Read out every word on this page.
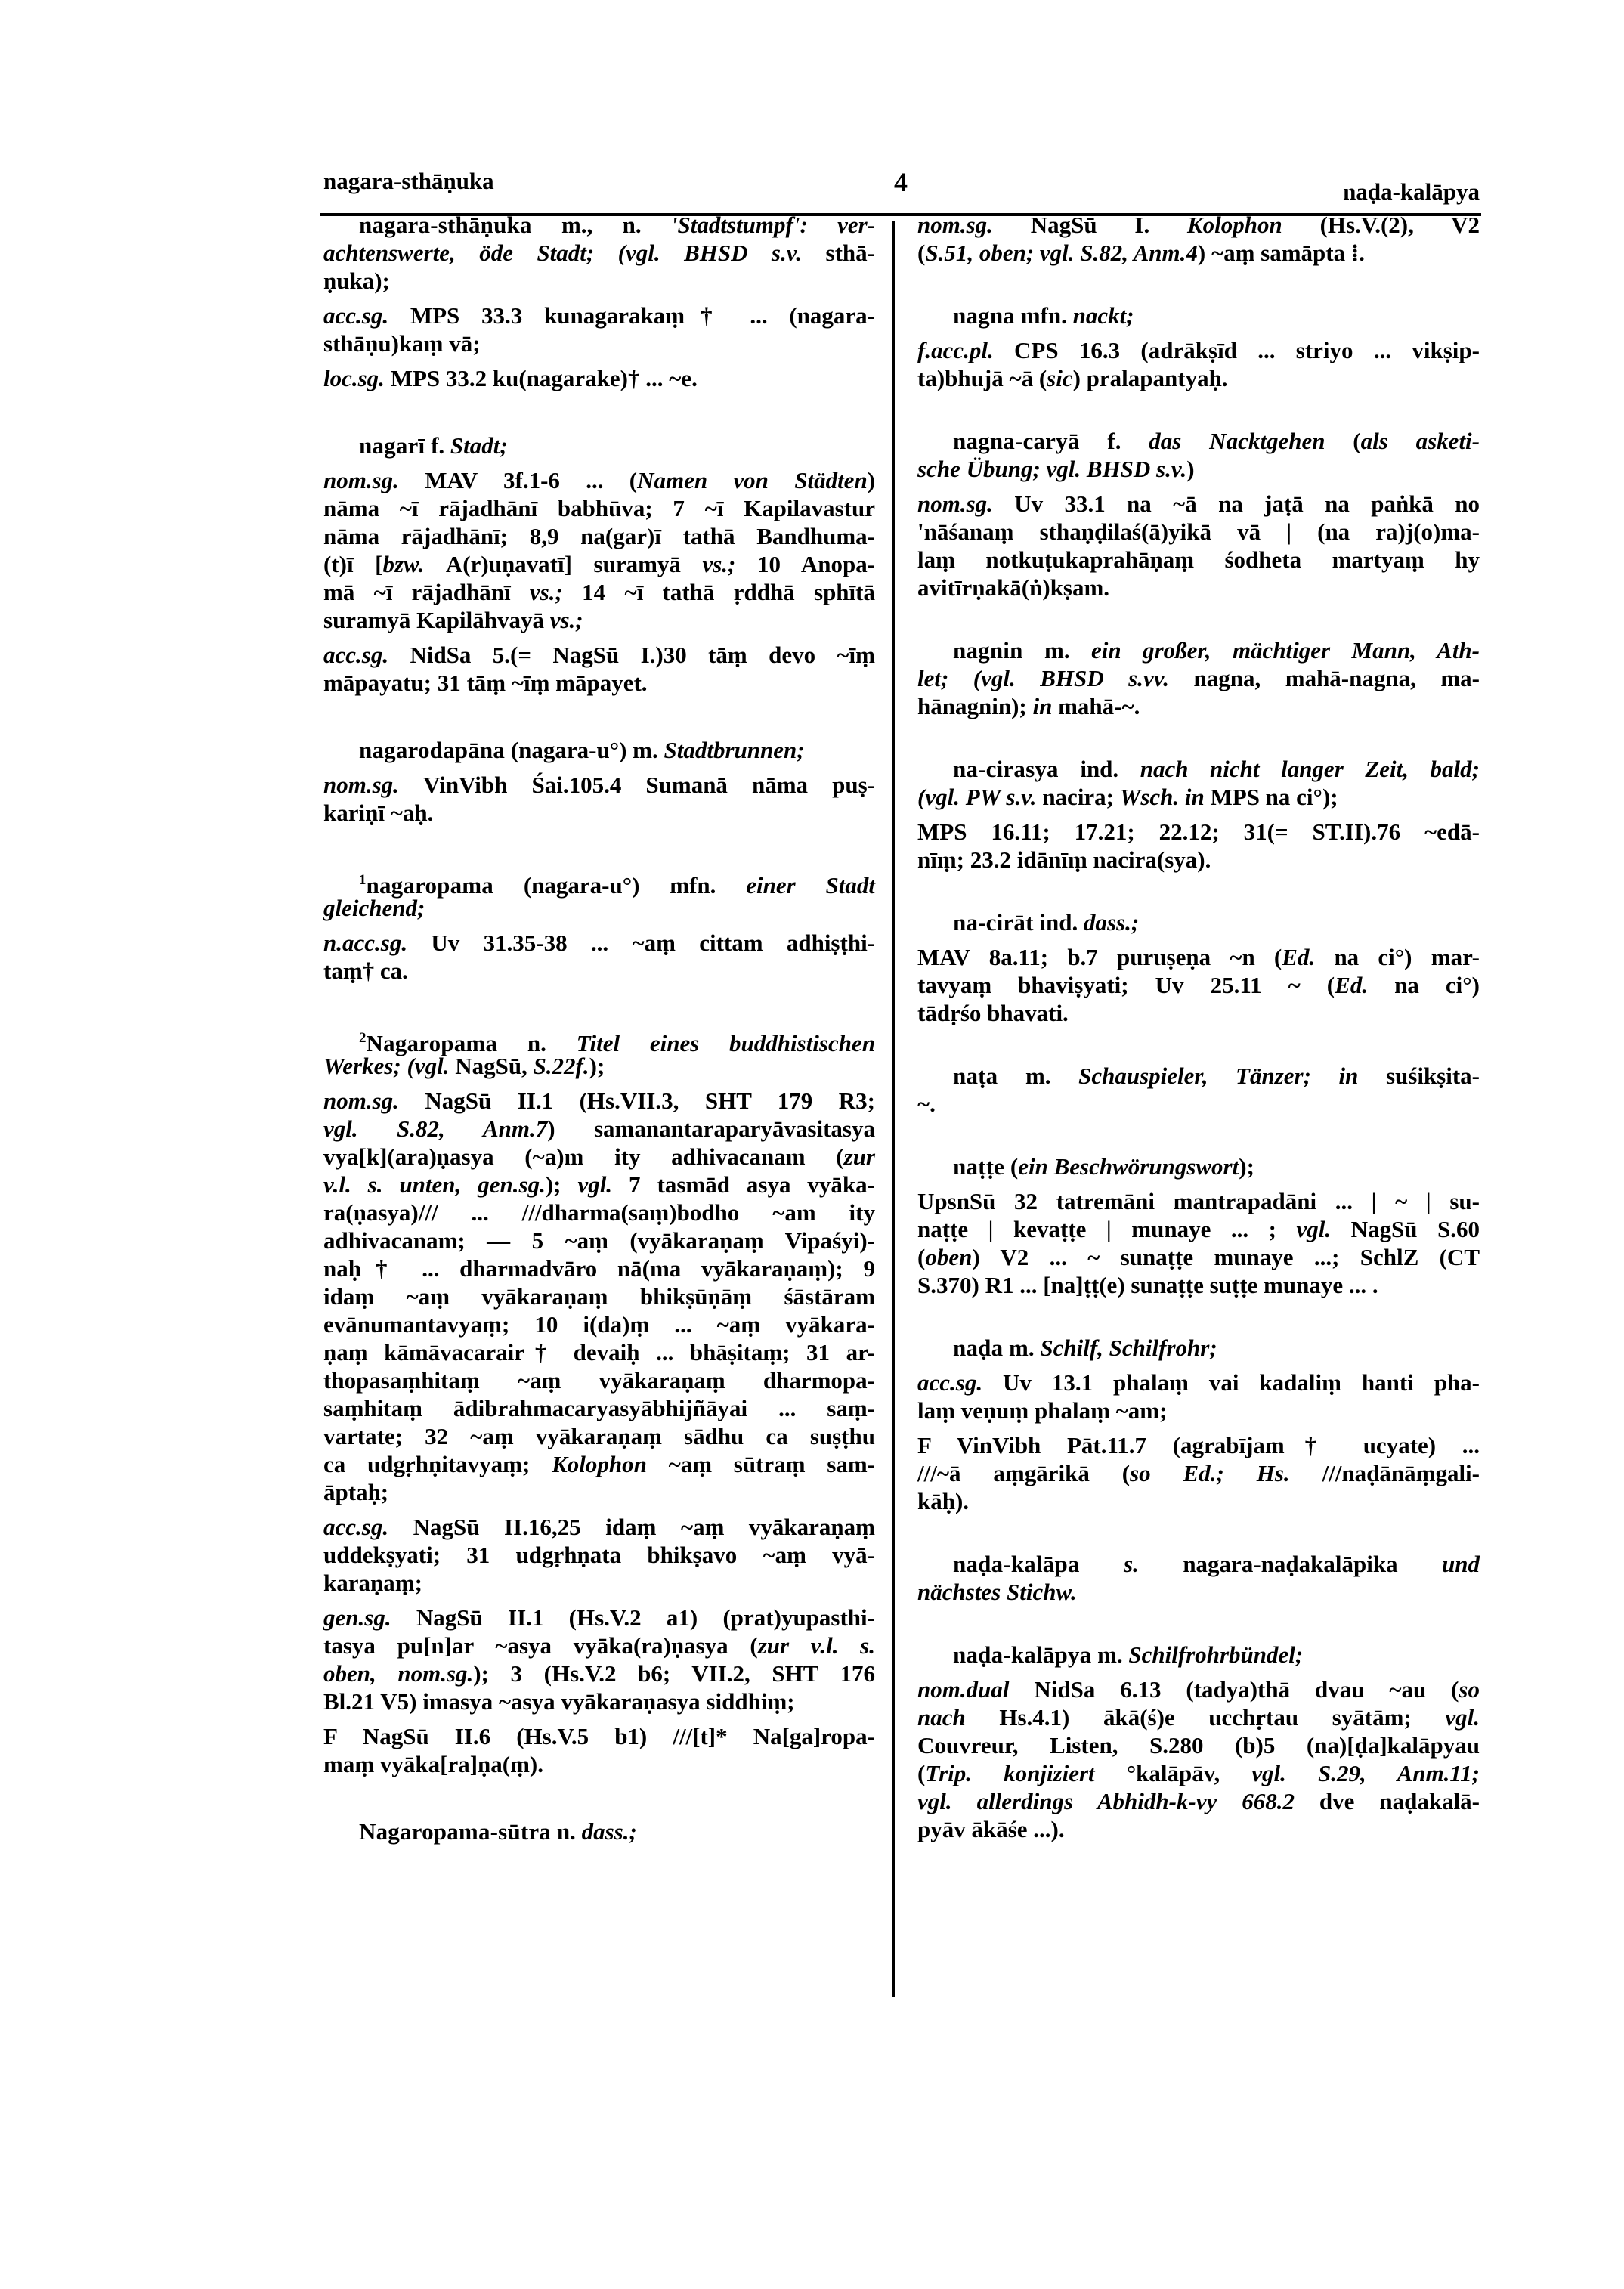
nagara-sthāṇuka	4	naḍa-kalāpya
nagara-sthāṇuka m., n. 'Stadtstumpf': ver-
achtenswerte, öde Stadt; (vgl. BHSD s.v. sthā-
ṇuka);
acc.sg. MPS 33.3 kunagarakaṃ† ... (nagara-
sthāṇu)kaṃ vā;
loc.sg. MPS 33.2 ku(nagarake)† ... ~e.
nagarī f. Stadt;
nom.sg. MAV 3f.1-6 ... (Namen von Städten)
nāma ~ī rājadhānī babhūva; 7 ~ī Kapilavastur
nāma rājadhānī; 8,9 na(gar)ī tathā Bandhuma-
(t)ī [bzw. A(r)uṇavatī] suramyā vs.; 10 Anopa-
mā ~ī rājadhānī vs.; 14 ~ī tathā ṛddhā sphītā
suramyā Kapilāhvayā vs.;
acc.sg. NidSa 5.(= NagSū I.)30 tāṃ devo ~īṃ
māpayatu; 31 tāṃ ~īṃ māpayet.
nagarodapāna (nagara-u°) m. Stadtbrunnen;
nom.sg. VinVibh Śai.105.4 Sumanā nāma puṣ-
kariṇī ~aḥ.
$^1$nagaropama (nagara-u°) mfn. einer Stadt
gleichend;
n.acc.sg. Uv 31.35-38 ... ~aṃ cittam adhiṣṭhi-
taṃ† ca.
$^2$Nagaropama n. Titel eines buddhistischen
Werkes; (vgl. NagSū, S.22f.);
nom.sg. NagSū II.1 (Hs.VII.3, SHT 179 R3;
vgl. S.82, Anm.7) samanantaraparyāvasitasya
vya[k](ara)ṇasya (~a)m ity adhivacanam (zur
v.l. s. unten, gen.sg.); vgl. 7 tasmād asya vyāka-
ra(ṇasya)/// ... ///dharma(saṃ)bodho ~am ity
adhivacanam; — 5 ~aṃ (vyākaraṇaṃ Vipaśyi)-
naḥ† ... dharmadvāro nā(ma vyākaraṇaṃ); 9
idaṃ ~aṃ vyākaraṇaṃ bhikṣūṇāṃ śāstāram
evānumantavyaṃ; 10 i(da)ṃ ... ~aṃ vyākara-
ṇaṃ kāmāvacarair† devaiḥ ... bhāṣitaṃ; 31 ar-
thopasaṃhitaṃ ~aṃ vyākaraṇaṃ dharmopa-
saṃhitaṃ ādibrahmacaryasyābhijñāyai ... saṃ-
vartate; 32 ~aṃ vyākaraṇaṃ sādhu ca suṣṭhu
ca udgṛhṇitavyaṃ; Kolophon ~aṃ sūtraṃ sam-
āptaḥ;
acc.sg. NagSū II.16,25 idaṃ ~aṃ vyākaraṇaṃ
uddekṣyati; 31 udgṛhṇata bhikṣavo ~aṃ vyā-
karaṇaṃ;
gen.sg. NagSū II.1 (Hs.V.2 a1) (prat)yupasthi-
tasya pu[n]ar ~asya vyāka(ra)ṇasya (zur v.l. s.
oben, nom.sg.); 3 (Hs.V.2 b6; VII.2, SHT 176
Bl.21 V5) imasya ~asya vyākaraṇasya siddhiṃ;
F NagSū II.6 (Hs.V.5 b1) ///[t]* Na[ga]ropa-
maṃ vyāka[ra]ṇa(ṃ).
Nagaropama-sūtra n. dass.;
nom.sg. NagSū I. Kolophon (Hs.V.(2), V2
(S.51, oben; vgl. S.82, Anm.4) ~aṃ samāpta ⁞.
nagna mfn. nackt;
f.acc.pl. CPS 16.3 (adrākṣīd ... striyo ... vikṣip-
ta)bhujā ~ā (sic) pralapantyaḥ.
nagna-caryā f. das Nacktgehen (als asketi-
sche Übung; vgl. BHSD s.v.)
nom.sg. Uv 33.1 na ~ā na jaṭā na paṅkā no
'nāśanaṃ sthaṇḍilaś(ā)yikā vā | (na ra)j(o)ma-
laṃ notkuṭukaprahāṇaṃ śodheta martyaṃ hy
avitīrṇakā(ṅ)kṣam.
nagnin m. ein großer, mächtiger Mann, Ath-
let; (vgl. BHSD s.vv. nagna, mahā-nagna, ma-
hānagnin); in mahā-~.
na-cirasya ind. nach nicht langer Zeit, bald;
(vgl. PW s.v. nacira; Wsch. in MPS na ci°);
MPS 16.11; 17.21; 22.12; 31(= ST.II).76 ~edā-
nīṃ; 23.2 idānīṃ nacira(sya).
na-cirāt ind. dass.;
MAV 8a.11; b.7 puruṣeṇa ~n (Ed. na ci°) mar-
tavyaṃ bhaviṣyati; Uv 25.11 ~ (Ed. na ci°)
tādṛśo bhavati.
naṭa m. Schauspieler, Tänzer; in suśikṣita-
~.
naṭṭe (ein Beschwörungswort);
UpsnSū 32 tatremāni mantrapadāni ... | ~ | su-
naṭṭe | kevaṭṭe | munaye ... ; vgl. NagSū S.60
(oben) V2 ... ~ sunaṭṭe munaye ...; SchlZ (CT
S.370) R1 ... [na]ṭṭ(e) sunaṭṭe suṭṭe munaye ... .
naḍa m. Schilf, Schilfrohr;
acc.sg. Uv 13.1 phalaṃ vai kadaliṃ hanti pha-
laṃ veṇuṃ phalaṃ ~am;
F VinVibh Pāt.11.7 (agrabījam† ucyate) ...
///~ā aṃgārikā (so Ed.; Hs. ///naḍānāṃgali-
kāḥ).
naḍa-kalāpa s. nagara-naḍakalāpika und
nächstes Stichw.
naḍa-kalāpya m. Schilfrohrbündel;
nom.dual NidSa 6.13 (tadya)thā dvau ~au (so
nach Hs.4.1) ākā(ś)e ucchṛtau syātām; vgl.
Couvreur, Listen, S.280 (b)5 (na)[ḍa]kalāpyau
(Trip. konjiziert °kalāpāv, vgl. S.29, Anm.11;
vgl. allerdings Abhidh-k-vy 668.2 dve naḍakalā-
pyāv ākāśe ...).
